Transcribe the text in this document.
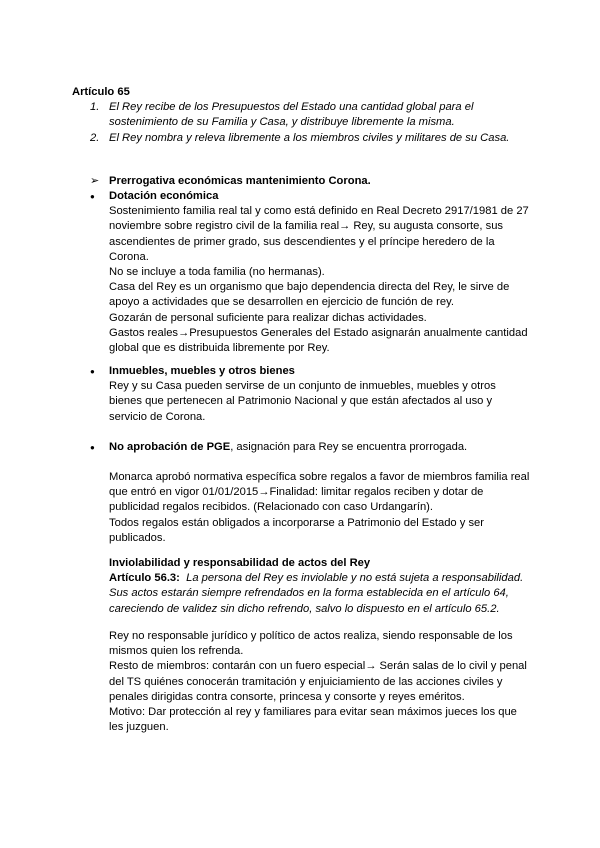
Artículo 65
1. El Rey recibe de los Presupuestos del Estado una cantidad global para el
sostenimiento de su Familia y Casa, y distribuye libremente la misma.
2. El Rey nombra y releva libremente a los miembros civiles y militares de su Casa.
➢ Prerrogativa económicas mantenimiento Corona.
● Dotación económica
Sostenimiento familia real tal y como está definido en Real Decreto 2917/1981 de 27
noviembre sobre registro civil de la familia real→ Rey, su augusta consorte, sus
ascendientes de primer grado, sus descendientes y el príncipe heredero de la
Corona.
No se incluye a toda familia (no hermanas).
Casa del Rey es un organismo que bajo dependencia directa del Rey, le sirve de
apoyo a actividades que se desarrollen en ejercicio de función de rey.
Gozarán de personal suficiente para realizar dichas actividades.
Gastos reales→Presupuestos Generales del Estado asignarán anualmente cantidad
global que es distribuida libremente por Rey.
● Inmuebles, muebles y otros bienes
Rey y su Casa pueden servirse de un conjunto de inmuebles, muebles y otros
bienes que pertenecen al Patrimonio Nacional y que están afectados al uso y
servicio de Corona.
● No aprobación de PGE, asignación para Rey se encuentra prorrogada.
Monarca aprobó normativa específica sobre regalos a favor de miembros familia real
que entró en vigor 01/01/2015→Finalidad: limitar regalos reciben y dotar de
publicidad regalos recibidos. (Relacionado con caso Urdangarín).
Todos regalos están obligados a incorporarse a Patrimonio del Estado y ser
publicados.
Inviolabilidad y responsabilidad de actos del Rey
Artículo 56.3: La persona del Rey es inviolable y no está sujeta a responsabilidad.
Sus actos estarán siempre refrendados en la forma establecida en el artículo 64,
careciendo de validez sin dicho refrendo, salvo lo dispuesto en el artículo 65.2.
Rey no responsable jurídico y político de actos realiza, siendo responsable de los
mismos quien los refrenda.
Resto de miembros: contarán con un fuero especial→ Serán salas de lo civil y penal
del TS quiénes conocerán tramitación y enjuiciamiento de las acciones civiles y
penales dirigidas contra consorte, princesa y consorte y reyes eméritos.
Motivo: Dar protección al rey y familiares para evitar sean máximos jueces los que
les juzguen.
